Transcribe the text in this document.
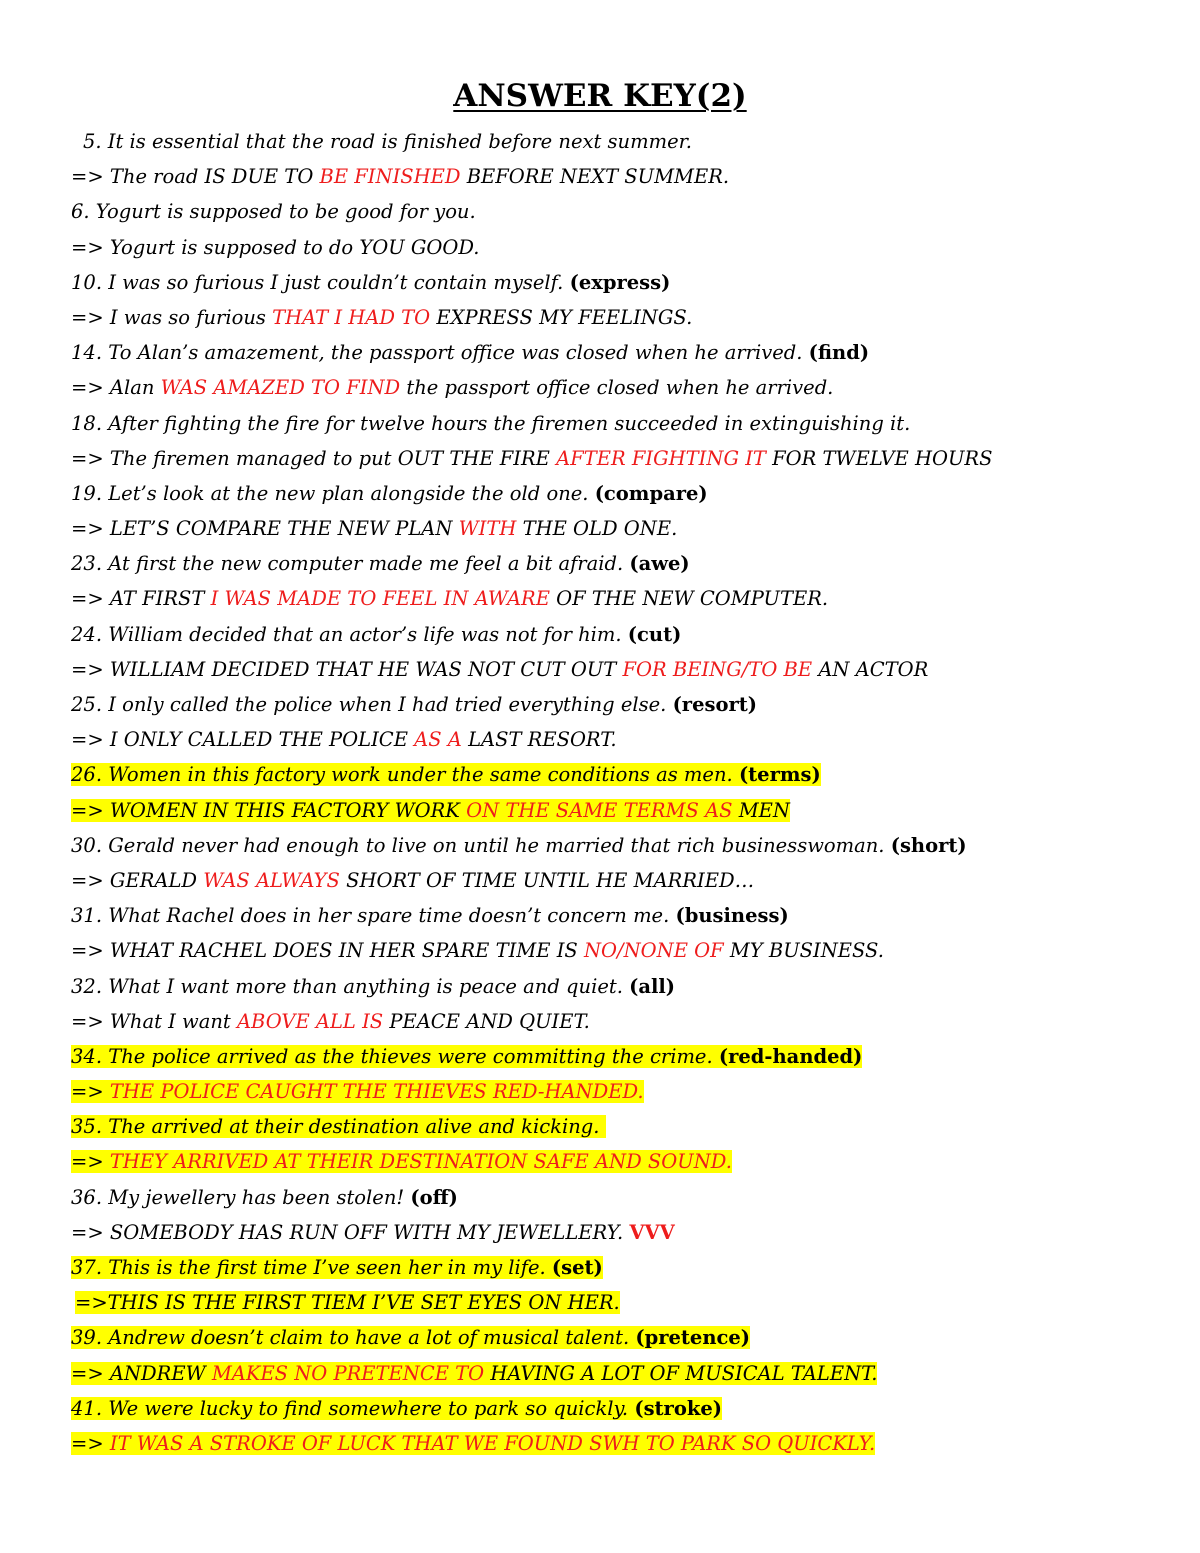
ANSWER KEY(2)
5. It is essential that the road is finished before next summer.
=> The road IS DUE TO BE FINISHED BEFORE NEXT SUMMER.
6. Yogurt is supposed to be good for you.
=> Yogurt is supposed to do YOU GOOD.
10. I was so furious I just couldn’t contain myself. (express)
=> I was so furious THAT I HAD TO EXPRESS MY FEELINGS.
14. To Alan’s amazement, the passport office was closed when he arrived. (find)
=> Alan WAS AMAZED TO FIND the passport office closed when he arrived.
18. After fighting the fire for twelve hours the firemen succeeded in extinguishing it.
=> The firemen managed to put OUT THE FIRE AFTER FIGHTING IT FOR TWELVE HOURS
19. Let’s look at the new plan alongside the old one. (compare)
=> LET’S COMPARE THE NEW PLAN WITH THE OLD ONE.
23. At first the new computer made me feel a bit afraid. (awe)
=> AT FIRST I WAS MADE TO FEEL IN AWARE OF THE NEW COMPUTER.
24. William decided that an actor’s life was not for him. (cut)
=> WILLIAM DECIDED THAT HE WAS NOT CUT OUT FOR BEING/TO BE AN ACTOR
25. I only called the police when I had tried everything else. (resort)
=> I ONLY CALLED THE POLICE AS A LAST RESORT.
26. Women in this factory work under the same conditions as men. (terms)
=> WOMEN IN THIS FACTORY WORK ON THE SAME TERMS AS MEN
30. Gerald never had enough to live on until he married that rich businesswoman. (short)
=> GERALD WAS ALWAYS SHORT OF TIME UNTIL HE MARRIED…
31. What Rachel does in her spare time doesn’t concern me. (business)
=> WHAT RACHEL DOES IN HER SPARE TIME IS NO/NONE OF MY BUSINESS.
32. What I want more than anything is peace and quiet. (all)
=> What I want ABOVE ALL IS PEACE AND QUIET.
34. The police arrived as the thieves were committing the crime. (red-handed)
=> THE POLICE CAUGHT THE THIEVES RED-HANDED.
35. The arrived at their destination alive and kicking.
=> THEY ARRIVED AT THEIR DESTINATION SAFE AND SOUND.
36. My jewellery has been stolen! (off)
=> SOMEBODY HAS RUN OFF WITH MY JEWELLERY. VVV
37. This is the first time I’ve seen her in my life. (set)
=>THIS IS THE FIRST TIEM I’VE SET EYES ON HER.
39. Andrew doesn’t claim to have a lot of musical talent. (pretence)
=> ANDREW MAKES NO PRETENCE TO HAVING A LOT OF MUSICAL TALENT.
41. We were lucky to find somewhere to park so quickly. (stroke)
=> IT WAS A STROKE OF LUCK THAT WE FOUND SWH TO PARK SO QUICKLY.
